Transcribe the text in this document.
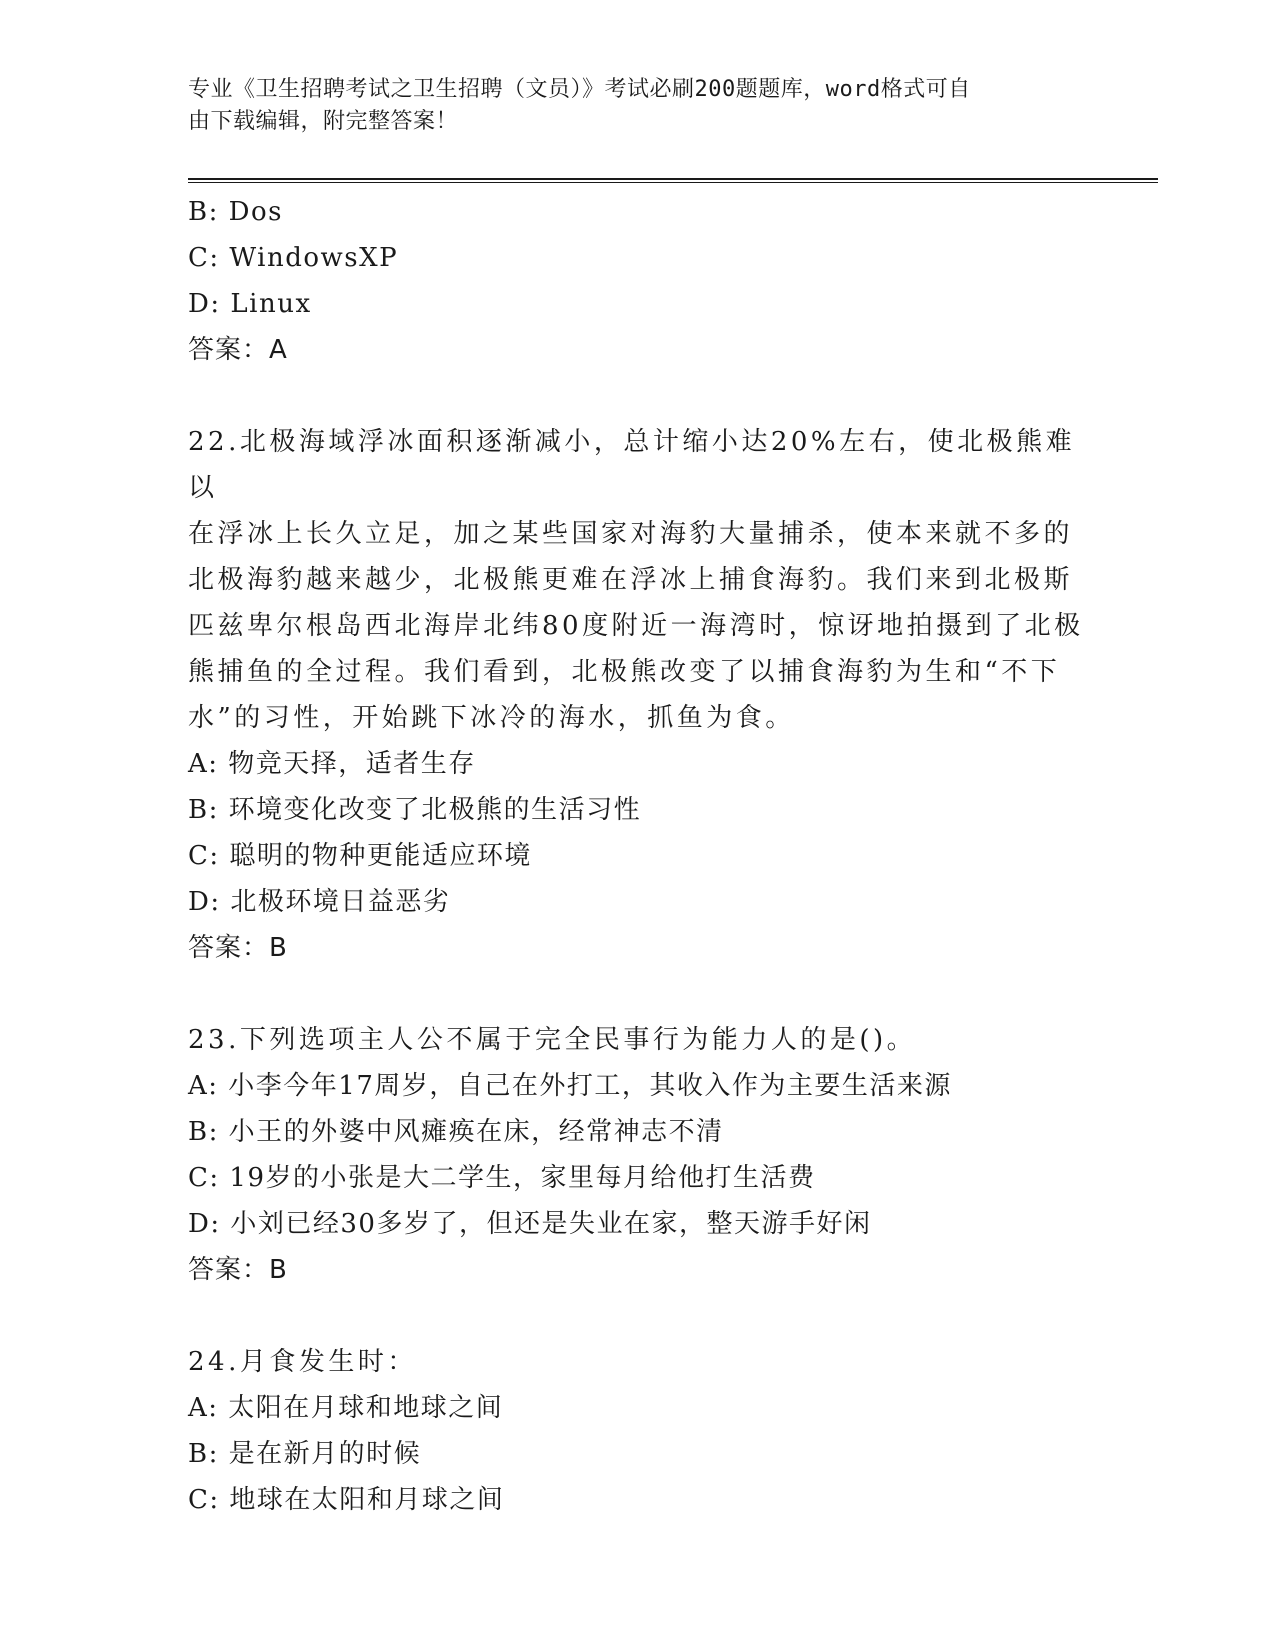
专业《卫生招聘考试之卫生招聘（文员）》考试必刷200题题库，word格式可自
由下载编辑，附完整答案！
B: Dos
C: WindowsXP
D: Linux
答案：A
22.北极海域浮冰面积逐渐减小，总计缩小达20%左右，使北极熊难以
在浮冰上长久立足，加之某些国家对海豹大量捕杀，使本来就不多的
北极海豹越来越少，北极熊更难在浮冰上捕食海豹。我们来到北极斯
匹兹卑尔根岛西北海岸北纬80度附近一海湾时，惊讶地拍摄到了北极
熊捕鱼的全过程。我们看到，北极熊改变了以捕食海豹为生和“不下
水”的习性，开始跳下冰冷的海水，抓鱼为食。
A: 物竞天择，适者生存
B: 环境变化改变了北极熊的生活习性
C: 聪明的物种更能适应环境
D: 北极环境日益恶劣
答案：B
23.下列选项主人公不属于完全民事行为能力人的是()。
A: 小李今年17周岁，自己在外打工，其收入作为主要生活来源
B: 小王的外婆中风瘫痪在床，经常神志不清
C: 19岁的小张是大二学生，家里每月给他打生活费
D: 小刘已经30多岁了，但还是失业在家，整天游手好闲
答案：B
24.月食发生时：
A: 太阳在月球和地球之间
B: 是在新月的时候
C: 地球在太阳和月球之间
